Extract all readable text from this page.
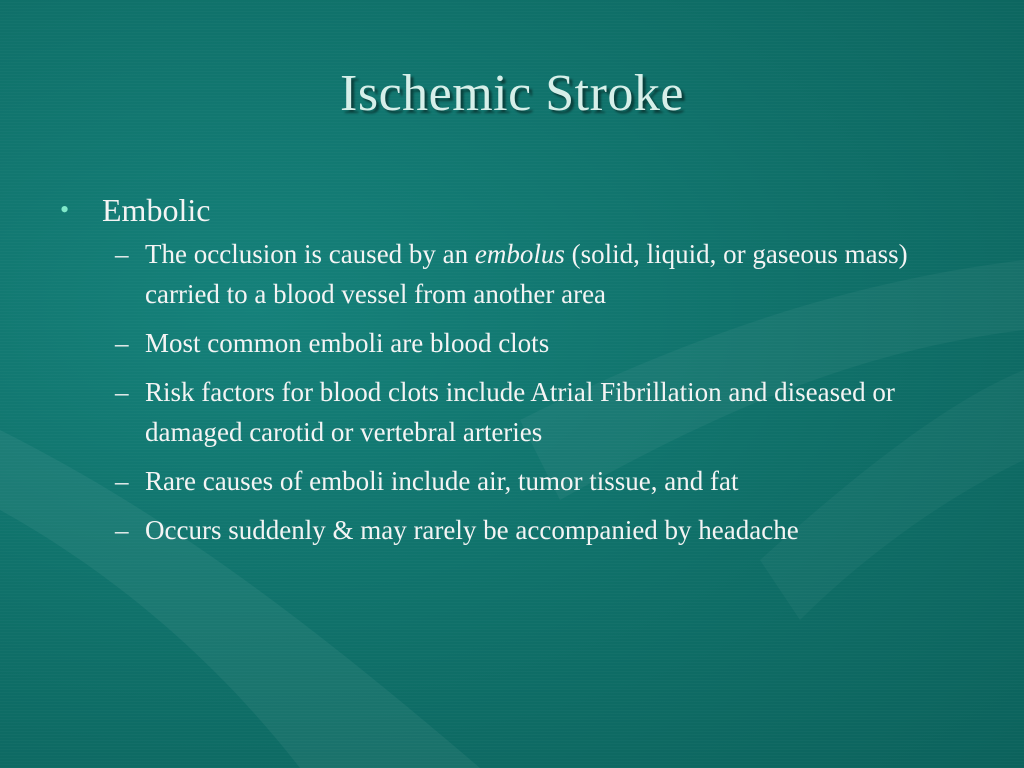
Ischemic Stroke
•	Embolic
– The occlusion is caused by an embolus (solid, liquid, or gaseous mass) carried to a blood vessel from another area
– Most common emboli are blood clots
– Risk factors for blood clots include Atrial Fibrillation and diseased or damaged carotid or vertebral arteries
– Rare causes of emboli include air, tumor tissue, and fat
– Occurs suddenly & may rarely be accompanied by headache
